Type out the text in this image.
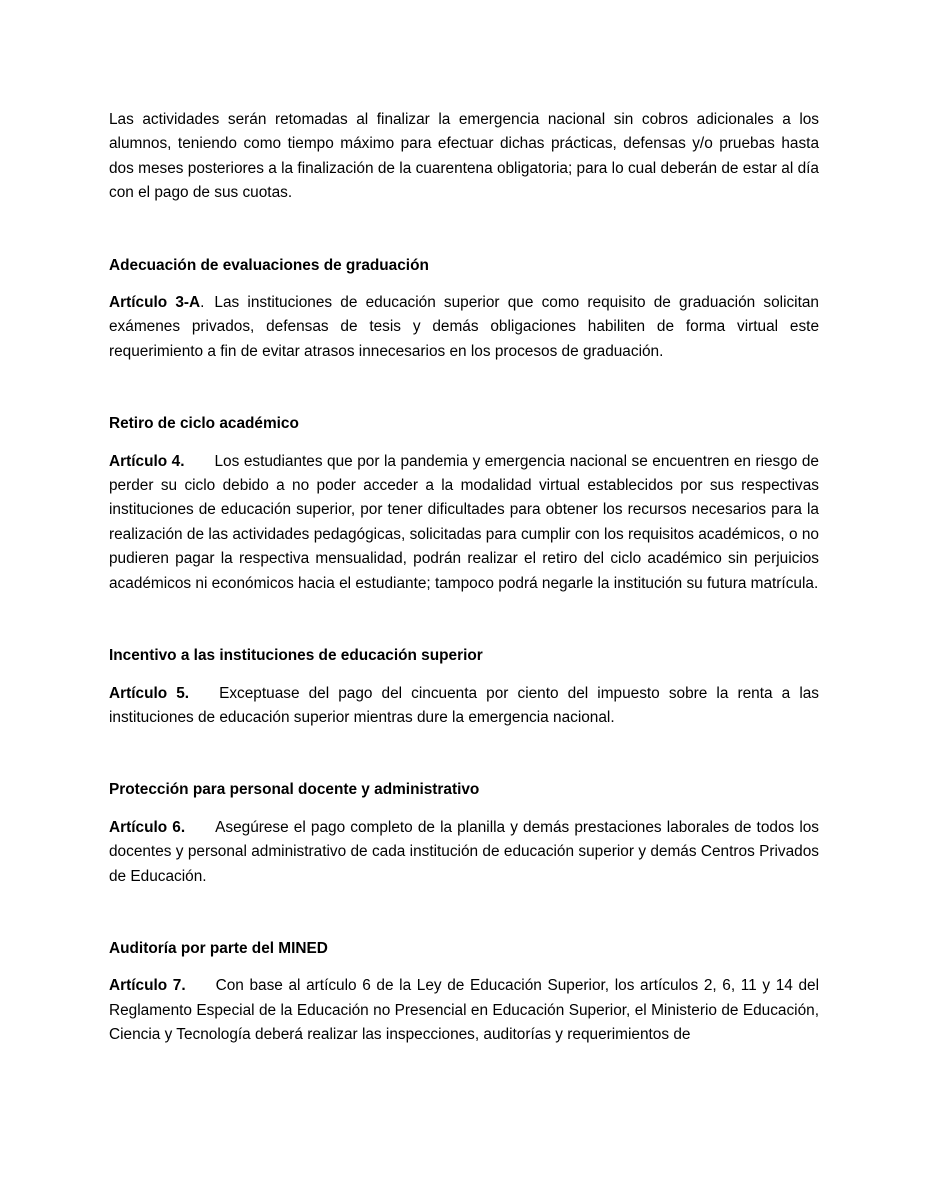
Las actividades serán retomadas al finalizar la emergencia nacional sin cobros adicionales a los alumnos, teniendo como tiempo máximo para efectuar dichas prácticas, defensas y/o pruebas hasta dos meses posteriores a la finalización de la cuarentena obligatoria; para lo cual deberán de estar al día con el pago de sus cuotas.

Adecuación de evaluaciones de graduación

Artículo 3-A. Las instituciones de educación superior que como requisito de graduación solicitan exámenes privados, defensas de tesis y demás obligaciones habiliten de forma virtual este requerimiento a fin de evitar atrasos innecesarios en los procesos de graduación.

Retiro de ciclo académico

Artículo 4. Los estudiantes que por la pandemia y emergencia nacional se encuentren en riesgo de perder su ciclo debido a no poder acceder a la modalidad virtual establecidos por sus respectivas instituciones de educación superior, por tener dificultades para obtener los recursos necesarios para la realización de las actividades pedagógicas, solicitadas para cumplir con los requisitos académicos, o no pudieren pagar la respectiva mensualidad, podrán realizar el retiro del ciclo académico sin perjuicios académicos ni económicos hacia el estudiante; tampoco podrá negarle la institución su futura matrícula.

Incentivo a las instituciones de educación superior

Artículo 5. Exceptuase del pago del cincuenta por ciento del impuesto sobre la renta a las instituciones de educación superior mientras dure la emergencia nacional.

Protección para personal docente y administrativo

Artículo 6. Asegúrese el pago completo de la planilla y demás prestaciones laborales de todos los docentes y personal administrativo de cada institución de educación superior y demás Centros Privados de Educación.

Auditoría por parte del MINED

Artículo 7. Con base al artículo 6 de la Ley de Educación Superior, los artículos 2, 6, 11 y 14 del Reglamento Especial de la Educación no Presencial en Educación Superior, el Ministerio de Educación, Ciencia y Tecnología deberá realizar las inspecciones, auditorías y requerimientos de
